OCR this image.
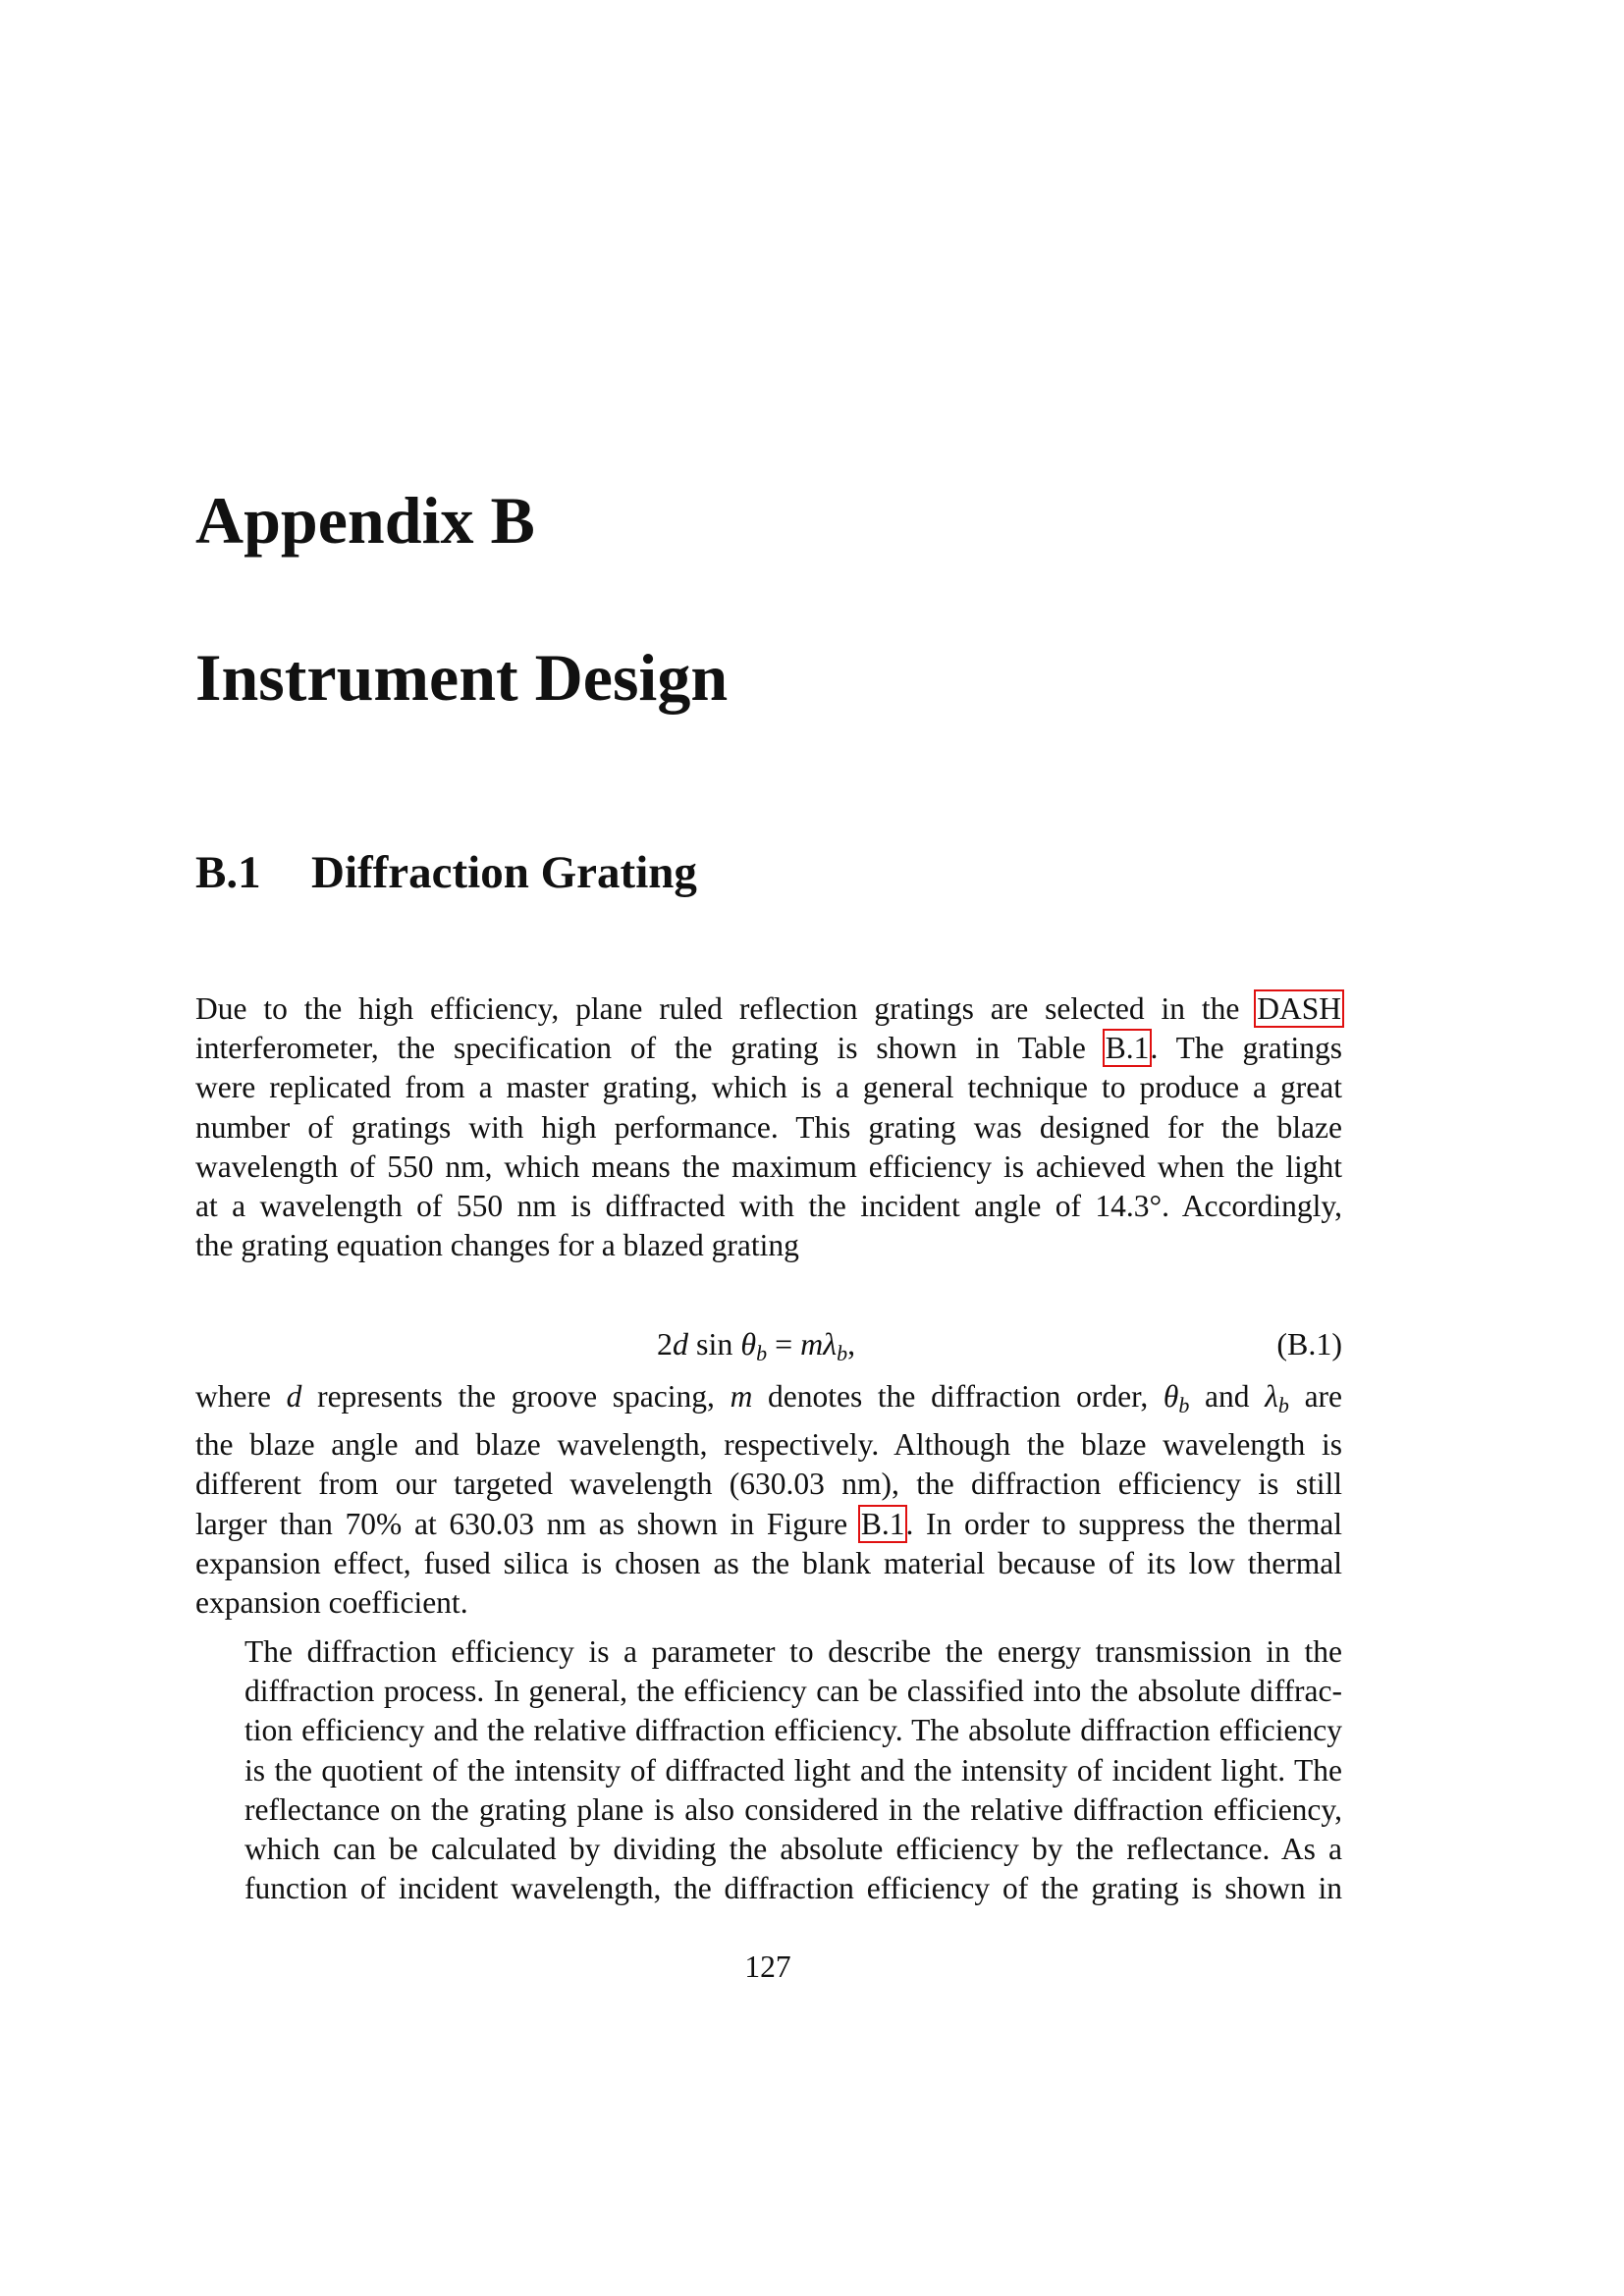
Appendix B
Instrument Design
B.1 Diffraction Grating
Due to the high efficiency, plane ruled reflection gratings are selected in the DASH
interferometer, the specification of the grating is shown in Table B.1. The gratings
were replicated from a master grating, which is a general technique to produce a great
number of gratings with high performance. This grating was designed for the blaze
wavelength of 550 nm, which means the maximum efficiency is achieved when the light
at a wavelength of 550 nm is diffracted with the incident angle of 14.3°. Accordingly,
the grating equation changes for a blazed grating
2d $\sin \theta_b = m\lambda_b$,	(B.1)
where d represents the groove spacing, m denotes the diffraction order, $\theta_b$ and $\lambda_b$ are
the blaze angle and blaze wavelength, respectively. Although the blaze wavelength is
different from our targeted wavelength (630.03 nm), the diffraction efficiency is still
larger than 70% at 630.03 nm as shown in Figure B.1. In order to suppress the thermal
expansion effect, fused silica is chosen as the blank material because of its low thermal
expansion coefficient.
The diffraction efficiency is a parameter to describe the energy transmission in the
diffraction process. In general, the efficiency can be classified into the absolute diffrac-
tion efficiency and the relative diffraction efficiency. The absolute diffraction efficiency
is the quotient of the intensity of diffracted light and the intensity of incident light. The
reflectance on the grating plane is also considered in the relative diffraction efficiency,
which can be calculated by dividing the absolute efficiency by the reflectance. As a
function of incident wavelength, the diffraction efficiency of the grating is shown in
127
